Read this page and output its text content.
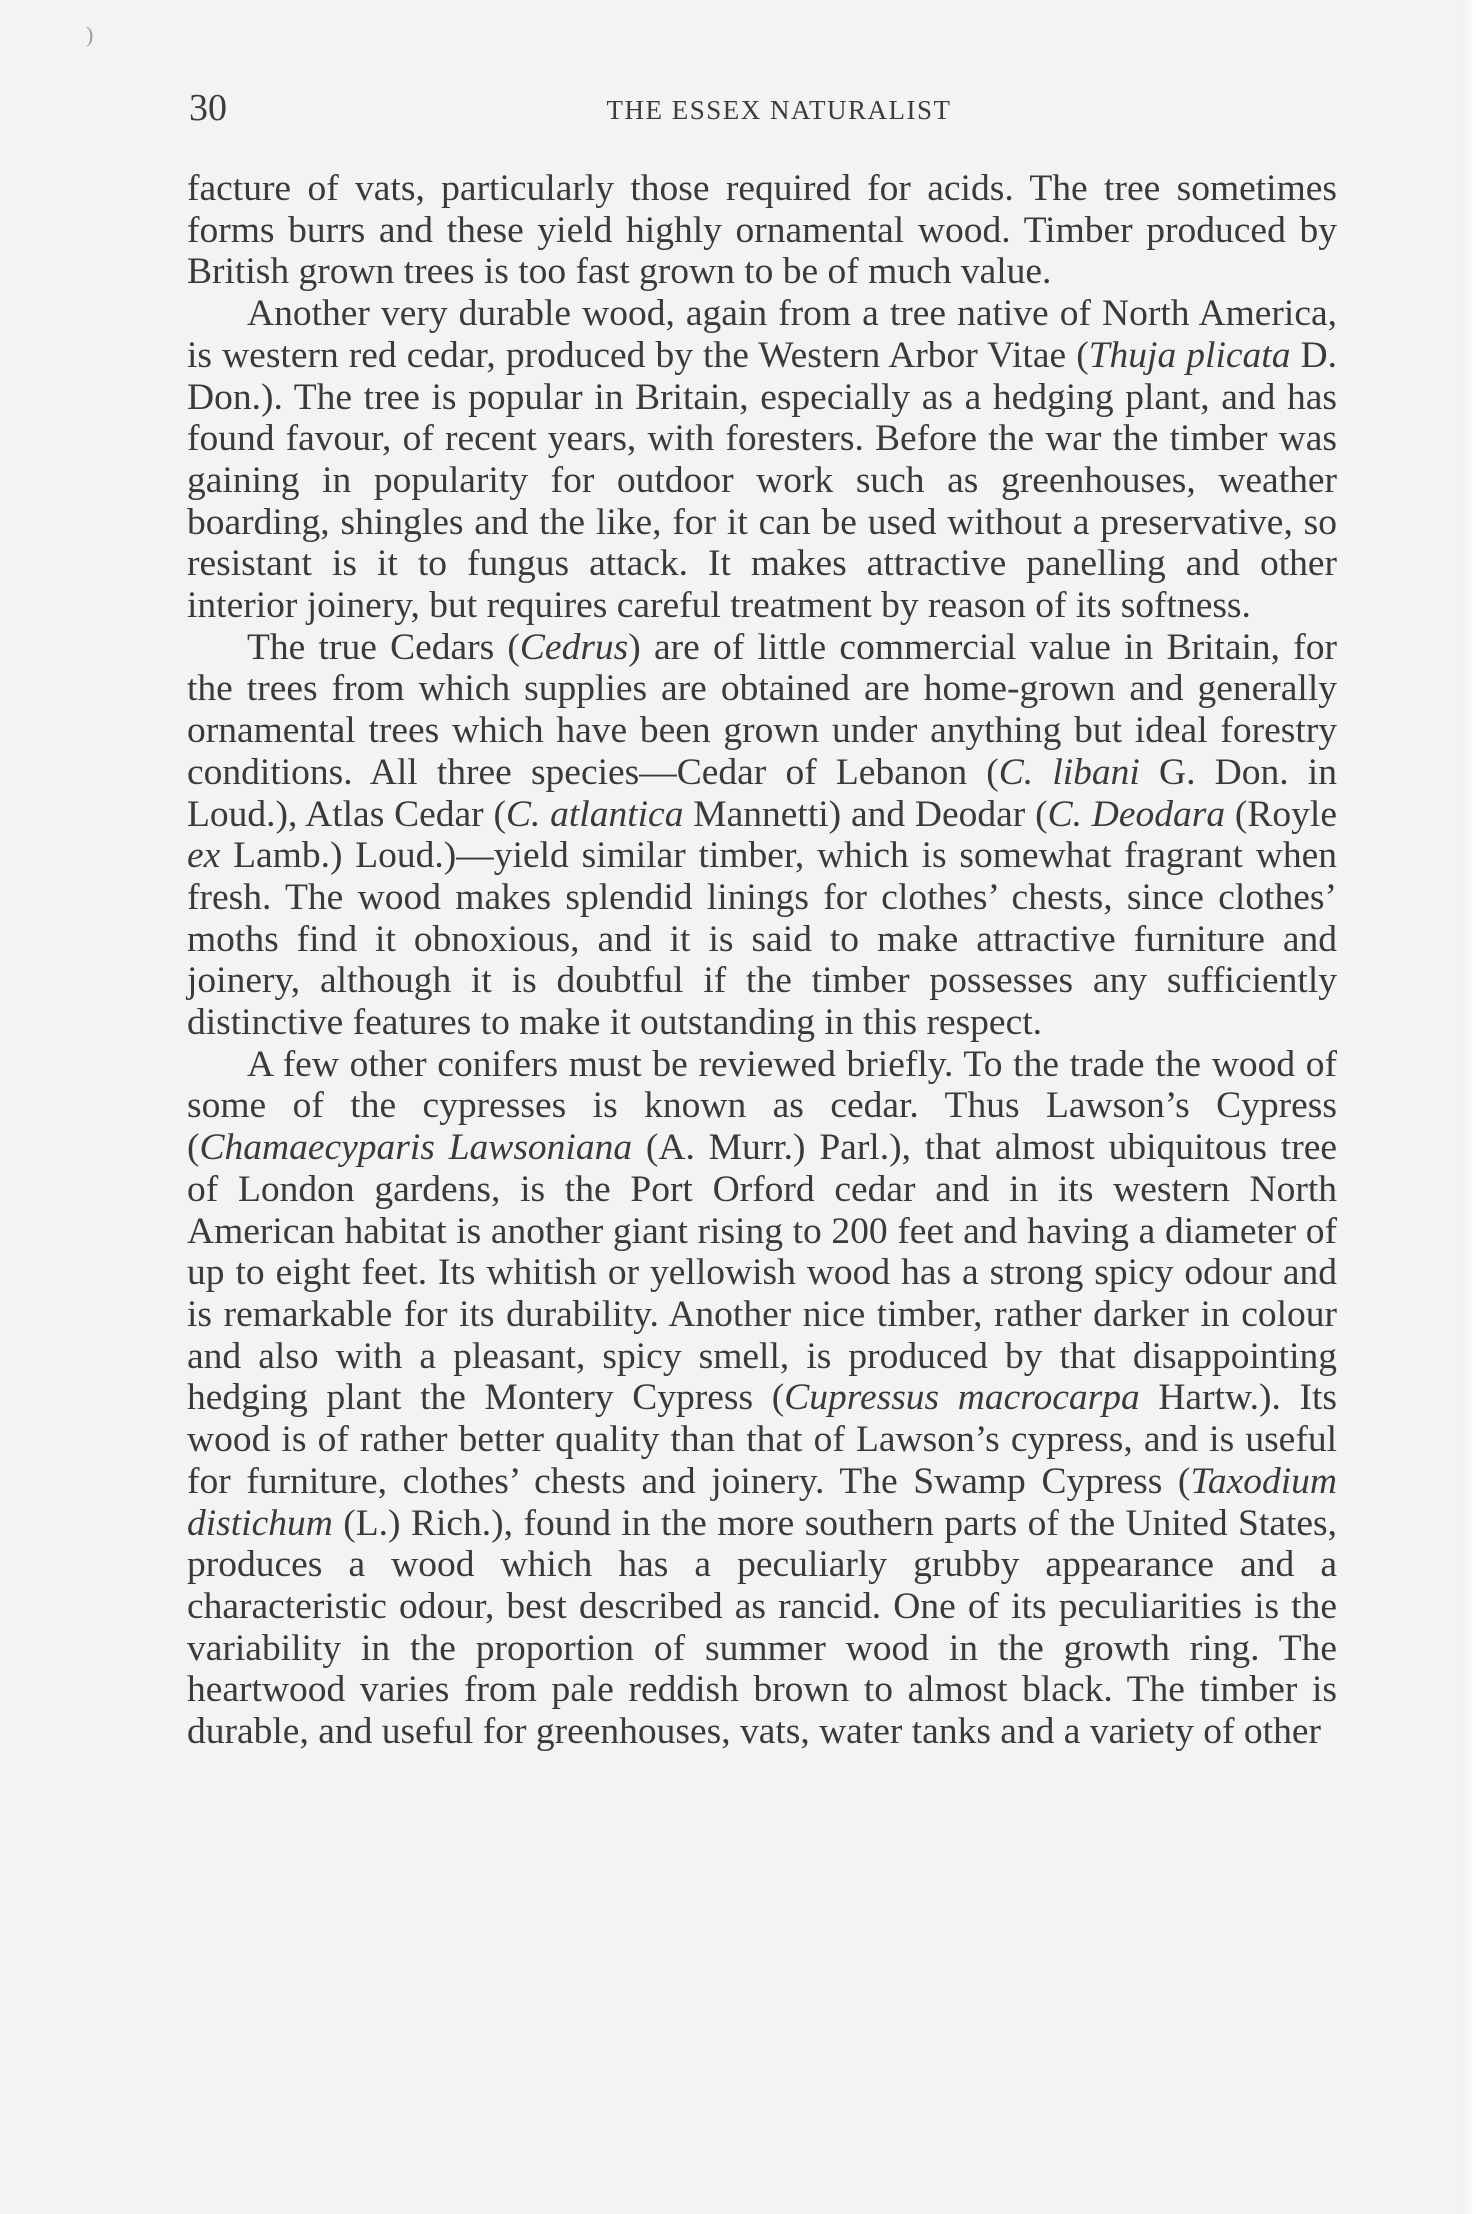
30	THE ESSEX NATURALIST

facture of vats, particularly those required for acids. The tree sometimes forms burrs and these yield highly ornamental wood. Timber produced by British grown trees is too fast grown to be of much value.

Another very durable wood, again from a tree native of North America, is western red cedar, produced by the Western Arbor Vitae (Thuja plicata D. Don.). The tree is popular in Britain, especially as a hedging plant, and has found favour, of recent years, with foresters. Before the war the timber was gaining in popularity for outdoor work such as greenhouses, weather boarding, shingles and the like, for it can be used without a preservative, so resistant is it to fungus attack. It makes attractive panelling and other interior joinery, but requires careful treatment by reason of its softness.

The true Cedars (Cedrus) are of little commercial value in Britain, for the trees from which supplies are obtained are home-grown and generally ornamental trees which have been grown under anything but ideal forestry conditions. All three species—Cedar of Lebanon (C. libani G. Don. in Loud.), Atlas Cedar (C. atlantica Mannetti) and Deodar (C. Deodara (Royle ex Lamb.) Loud.)—yield similar timber, which is somewhat fragrant when fresh. The wood makes splendid linings for clothes’ chests, since clothes’ moths find it obnoxious, and it is said to make attractive furniture and joinery, although it is doubtful if the timber possesses any sufficiently distinctive features to make it outstanding in this respect.

A few other conifers must be reviewed briefly. To the trade the wood of some of the cypresses is known as cedar. Thus Lawson’s Cypress (Chamaecyparis Lawsoniana (A. Murr.) Parl.), that almost ubiquitous tree of London gardens, is the Port Orford cedar and in its western North American habitat is another giant rising to 200 feet and having a diameter of up to eight feet. Its whitish or yellowish wood has a strong spicy odour and is remarkable for its durability. Another nice timber, rather darker in colour and also with a pleasant, spicy smell, is produced by that disappointing hedging plant the Montery Cypress (Cupressus macrocarpa Hartw.). Its wood is of rather better quality than that of Lawson’s cypress, and is useful for furniture, clothes’ chests and joinery. The Swamp Cypress (Taxodium distichum (L.) Rich.), found in the more southern parts of the United States, produces a wood which has a peculiarly grubby appearance and a characteristic odour, best described as rancid. One of its peculiarities is the variability in the proportion of summer wood in the growth ring. The heartwood varies from pale reddish brown to almost black. The timber is durable, and useful for greenhouses, vats, water tanks and a variety of other

)
